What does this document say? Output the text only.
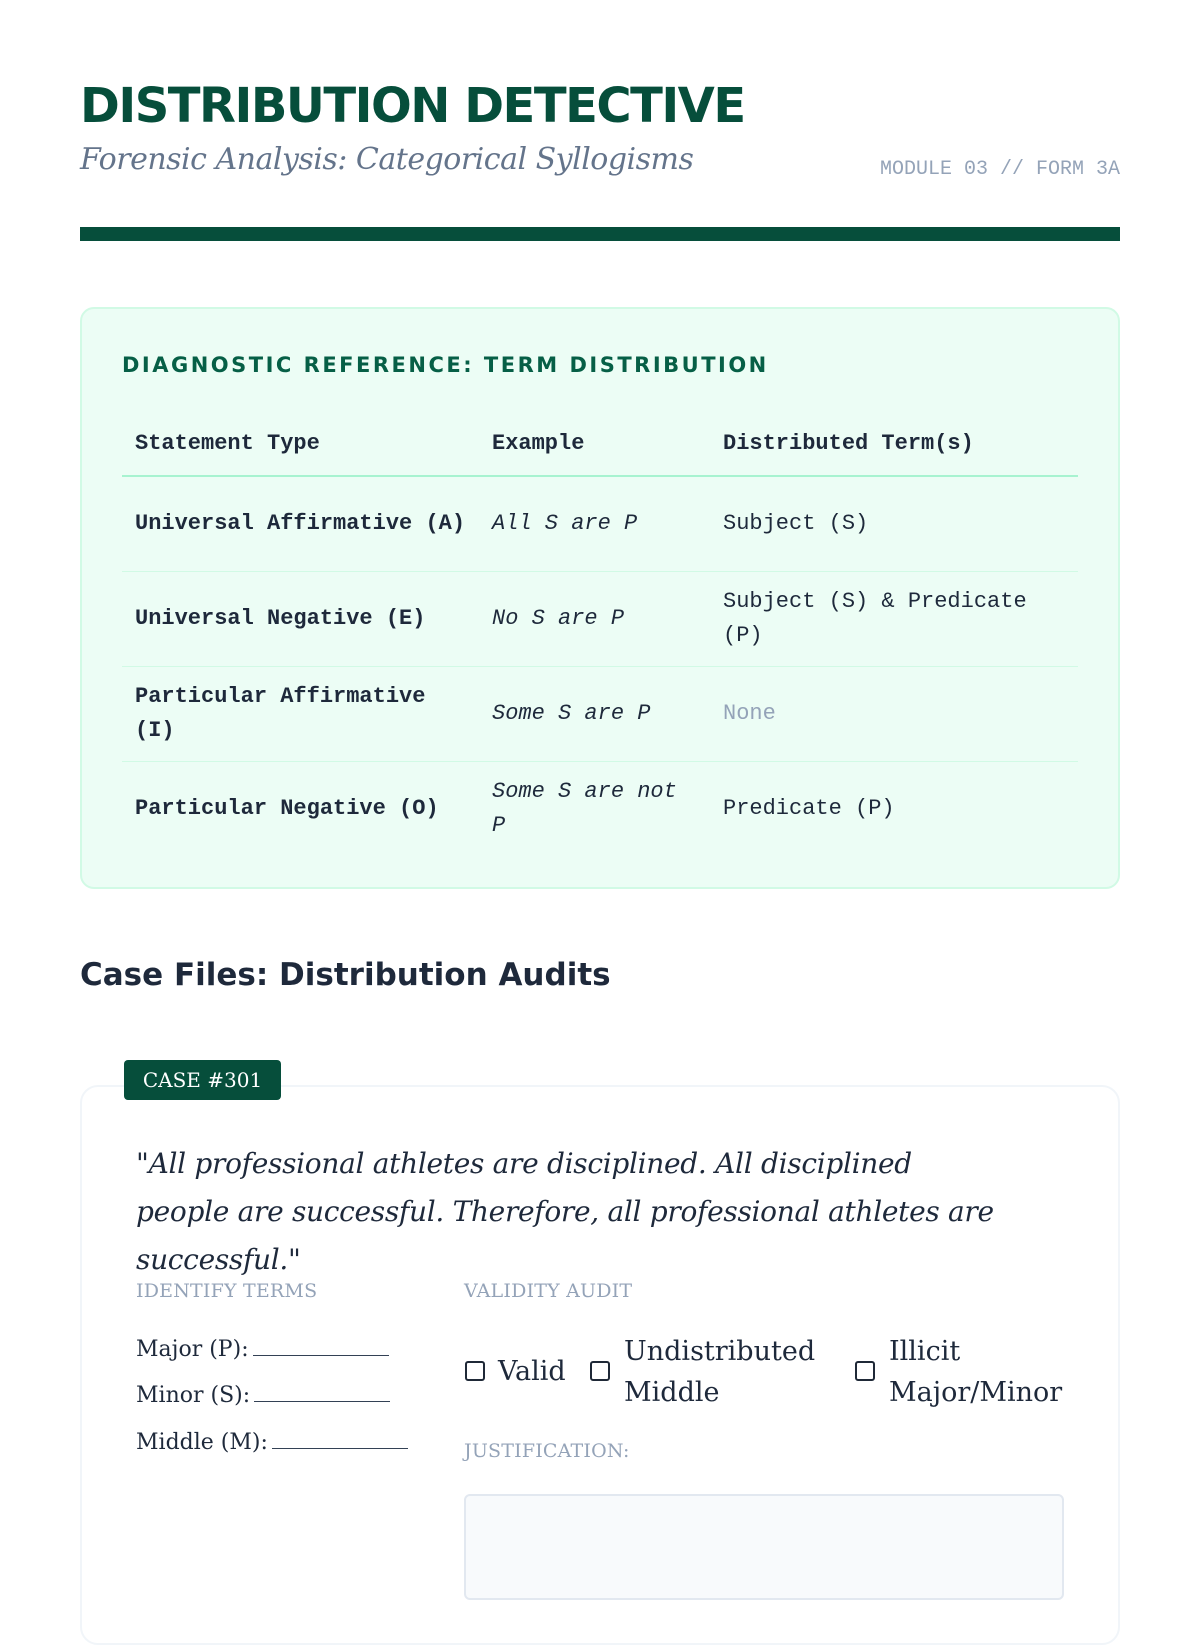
DISTRIBUTION DETECTIVE
Forensic Analysis: Categorical Syllogisms	MODULE 03 // FORM 3A
DIAGNOSTIC REFERENCE: TERM DISTRIBUTION
Statement Type	Example	Distributed Term(s)
Universal Affirmative (A)	All S are P	Subject (S)
Universal Negative (E)	No S are P	Subject (S) & Predicate (P)
Particular Affirmative (I)	Some S are P	None
Particular Negative (O)	Some S are not P	Predicate (P)
Case Files: Distribution Audits
CASE #301
"All professional athletes are disciplined. All disciplined people are successful. Therefore, all professional athletes are successful."
IDENTIFY TERMS
Major (P):
Minor (S):
Middle (M):
VALIDITY AUDIT
Valid
Undistributed
Middle
Illicit
Major/Minor
JUSTIFICATION:
